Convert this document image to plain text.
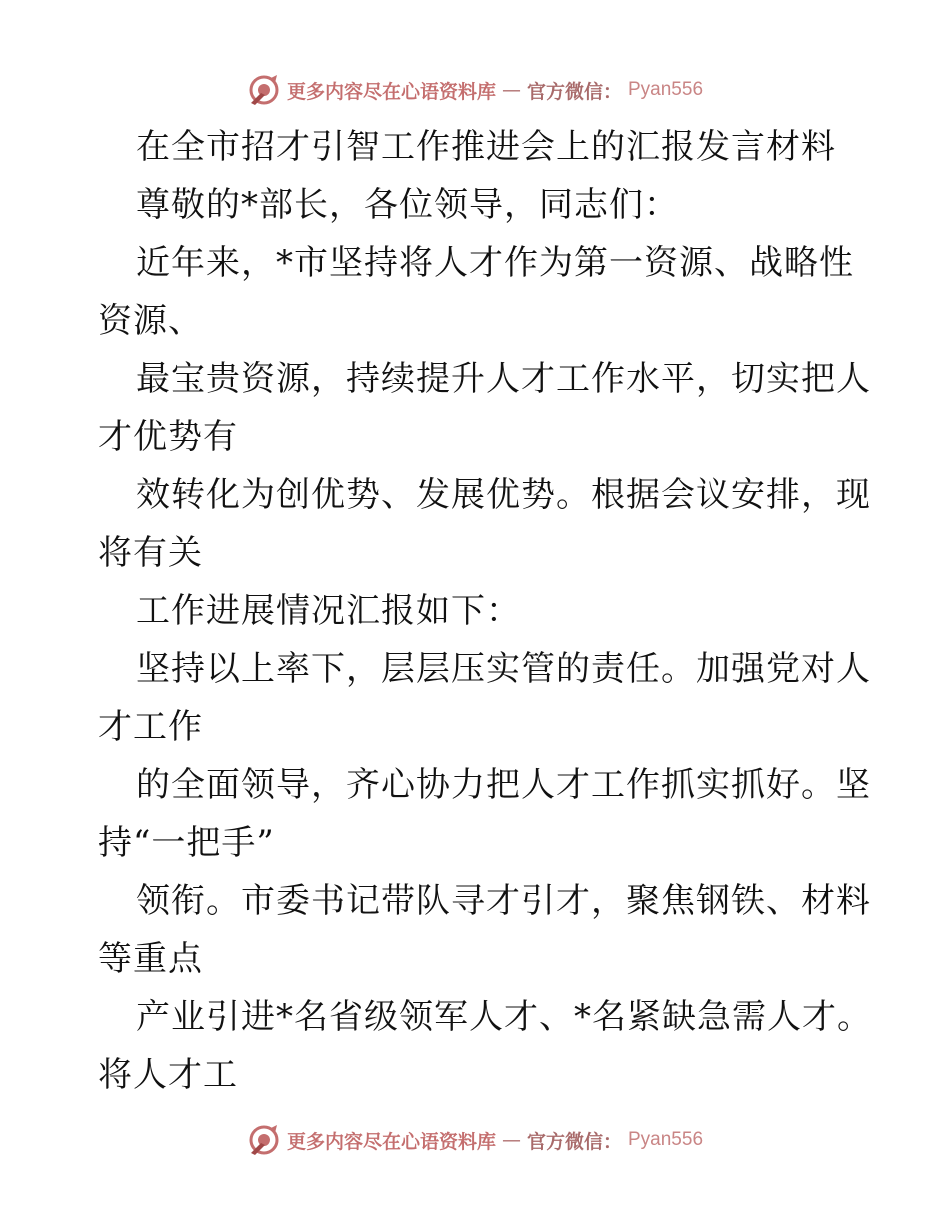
更多内容尽在心语资料库 — 官方微信： Pyan556
在全市招才引智工作推进会上的汇报发言材料
尊敬的*部长，各位领导，同志们：
近年来，*市坚持将人才作为第一资源、战略性
资源、
最宝贵资源，持续提升人才工作水平，切实把人
才优势有
效转化为创优势、发展优势。根据会议安排，现
将有关
工作进展情况汇报如下：
坚持以上率下，层层压实管的责任。加强党对人
才工作
的全面领导，齐心协力把人才工作抓实抓好。坚
持“一把手”
领衔。市委书记带队寻才引才，聚焦钢铁、材料
等重点
产业引进*名省级领军人才、*名紧缺急需人才。
将人才工
更多内容尽在心语资料库 — 官方微信： Pyan556
